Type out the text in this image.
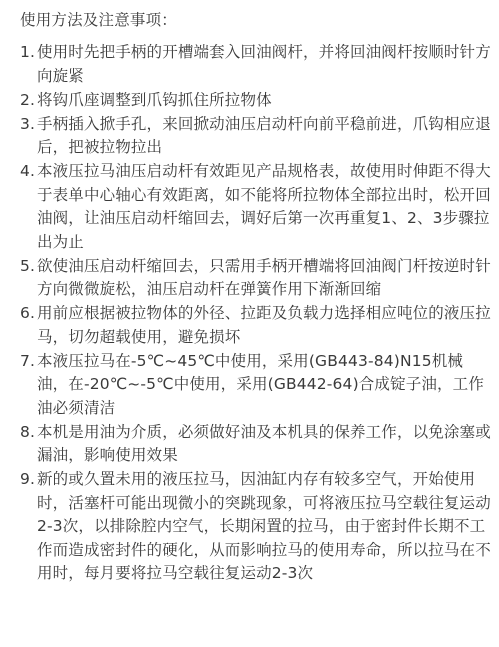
使用方法及注意事项：
1. 使用时先把手柄的开槽端套入回油阀杆，并将回油阀杆按顺时针方向旋紧
2. 将钩爪座调整到爪钩抓住所拉物体
3. 手柄插入掀手孔，来回掀动油压启动杆向前平稳前进，爪钩相应退后，把被拉物拉出
4. 本液压拉马油压启动杆有效距见产品规格表，故使用时伸距不得大于表单中心轴心有效距离，如不能将所拉物体全部拉出时，松开回油阀，让油压启动杆缩回去，调好后第一次再重复1、2、3步骤拉出为止
5. 欲使油压启动杆缩回去，只需用手柄开槽端将回油阀门杆按逆时针方向微微旋松，油压启动杆在弹簧作用下渐渐回缩
6. 用前应根据被拉物体的外径、拉距及负载力选择相应吨位的液压拉马，切勿超载使用，避免损坏
7. 本液压拉马在-5℃~45℃中使用，采用(GB443-84)N15机械油，在-20℃~-5℃中使用，采用(GB442-64)合成锭子油，工作油必须清洁
8. 本机是用油为介质，必须做好油及本机具的保养工作，以免涂塞或漏油，影响使用效果
9. 新的或久置未用的液压拉马，因油缸内存有较多空气，开始使用时，活塞杆可能出现微小的突跳现象，可将液压拉马空载往复运动2-3次，以排除腔内空气，长期闲置的拉马，由于密封件长期不工作而造成密封件的硬化，从而影响拉马的使用寿命，所以拉马在不用时，每月要将拉马空载往复运动2-3次
